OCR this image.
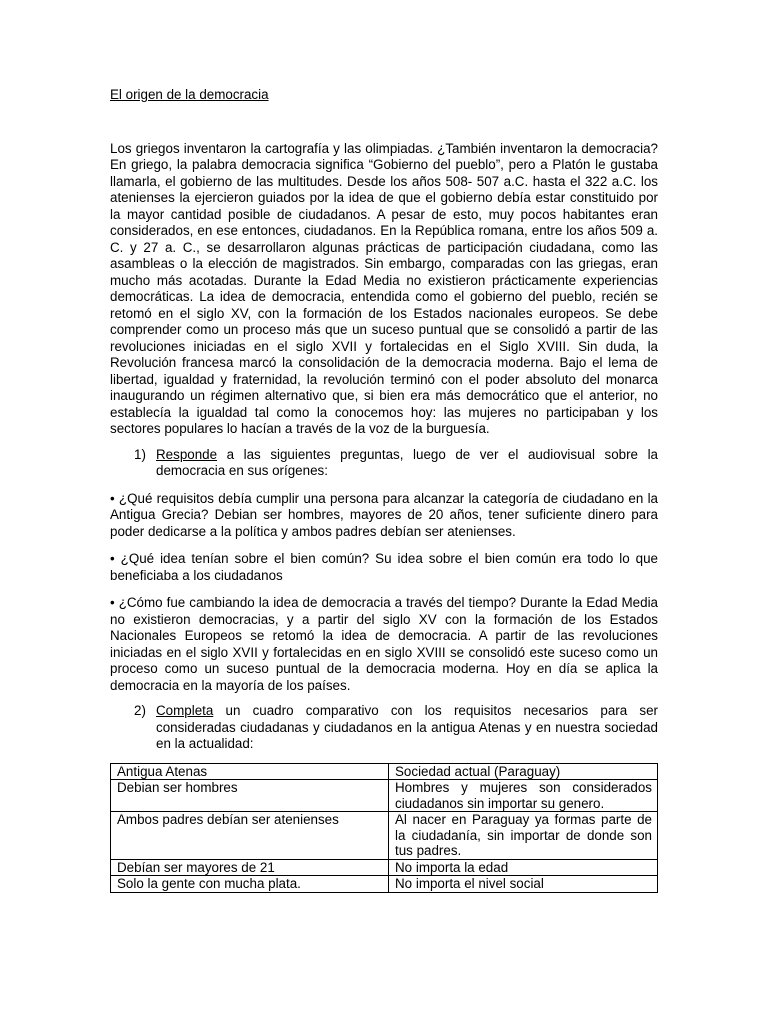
El origen de la democracia

Los griegos inventaron la cartografía y las olimpiadas. ¿También inventaron la democracia? En griego, la palabra democracia significa “Gobierno del pueblo”, pero a Platón le gustaba llamarla, el gobierno de las multitudes. Desde los años 508- 507 a.C. hasta el 322 a.C. los atenienses la ejercieron guiados por la idea de que el gobierno debía estar constituido por la mayor cantidad posible de ciudadanos. A pesar de esto, muy pocos habitantes eran considerados, en ese entonces, ciudadanos. En la República romana, entre los años 509 a. C. y 27 a. C., se desarrollaron algunas prácticas de participación ciudadana, como las asambleas o la elección de magistrados. Sin embargo, comparadas con las griegas, eran mucho más acotadas. Durante la Edad Media no existieron prácticamente experiencias democráticas. La idea de democracia, entendida como el gobierno del pueblo, recién se retomó en el siglo XV, con la formación de los Estados nacionales europeos. Se debe comprender como un proceso más que un suceso puntual que se consolidó a partir de las revoluciones iniciadas en el siglo XVII y fortalecidas en el Siglo XVIII. Sin duda, la Revolución francesa marcó la consolidación de la democracia moderna. Bajo el lema de libertad, igualdad y fraternidad, la revolución terminó con el poder absoluto del monarca inaugurando un régimen alternativo que, si bien era más democrático que el anterior, no establecía la igualdad tal como la conocemos hoy: las mujeres no participaban y los sectores populares lo hacían a través de la voz de la burguesía.

1) Responde a las siguientes preguntas, luego de ver el audiovisual sobre la democracia en sus orígenes:

• ¿Qué requisitos debía cumplir una persona para alcanzar la categoría de ciudadano en la Antigua Grecia? Debian ser hombres, mayores de 20 años, tener suficiente dinero para poder dedicarse a la política y ambos padres debían ser atenienses.

• ¿Qué idea tenían sobre el bien común? Su idea sobre el bien común era todo lo que beneficiaba a los ciudadanos

• ¿Cómo fue cambiando la idea de democracia a través del tiempo? Durante la Edad Media no existieron democracias, y a partir del siglo XV con la formación de los Estados Nacionales Europeos se retomó la idea de democracia. A partir de las revoluciones iniciadas en el siglo XVII y fortalecidas en en siglo XVIII se consolidó este suceso como un proceso como un suceso puntual de la democracia moderna. Hoy en día se aplica la democracia en la mayoría de los países.

2) Completa un cuadro comparativo con los requisitos necesarios para ser consideradas ciudadanas y ciudadanos en la antigua Atenas y en nuestra sociedad en la actualidad:
Antigua Atenas	Sociedad actual (Paraguay)
Debian ser hombres	Hombres y mujeres son considerados ciudadanos sin importar su genero.
Ambos padres debían ser atenienses	Al nacer en Paraguay ya formas parte de la ciudadanía, sin importar de donde son tus padres.
Debían ser mayores de 21	No importa la edad
Solo la gente con mucha plata.	No importa el nivel social
